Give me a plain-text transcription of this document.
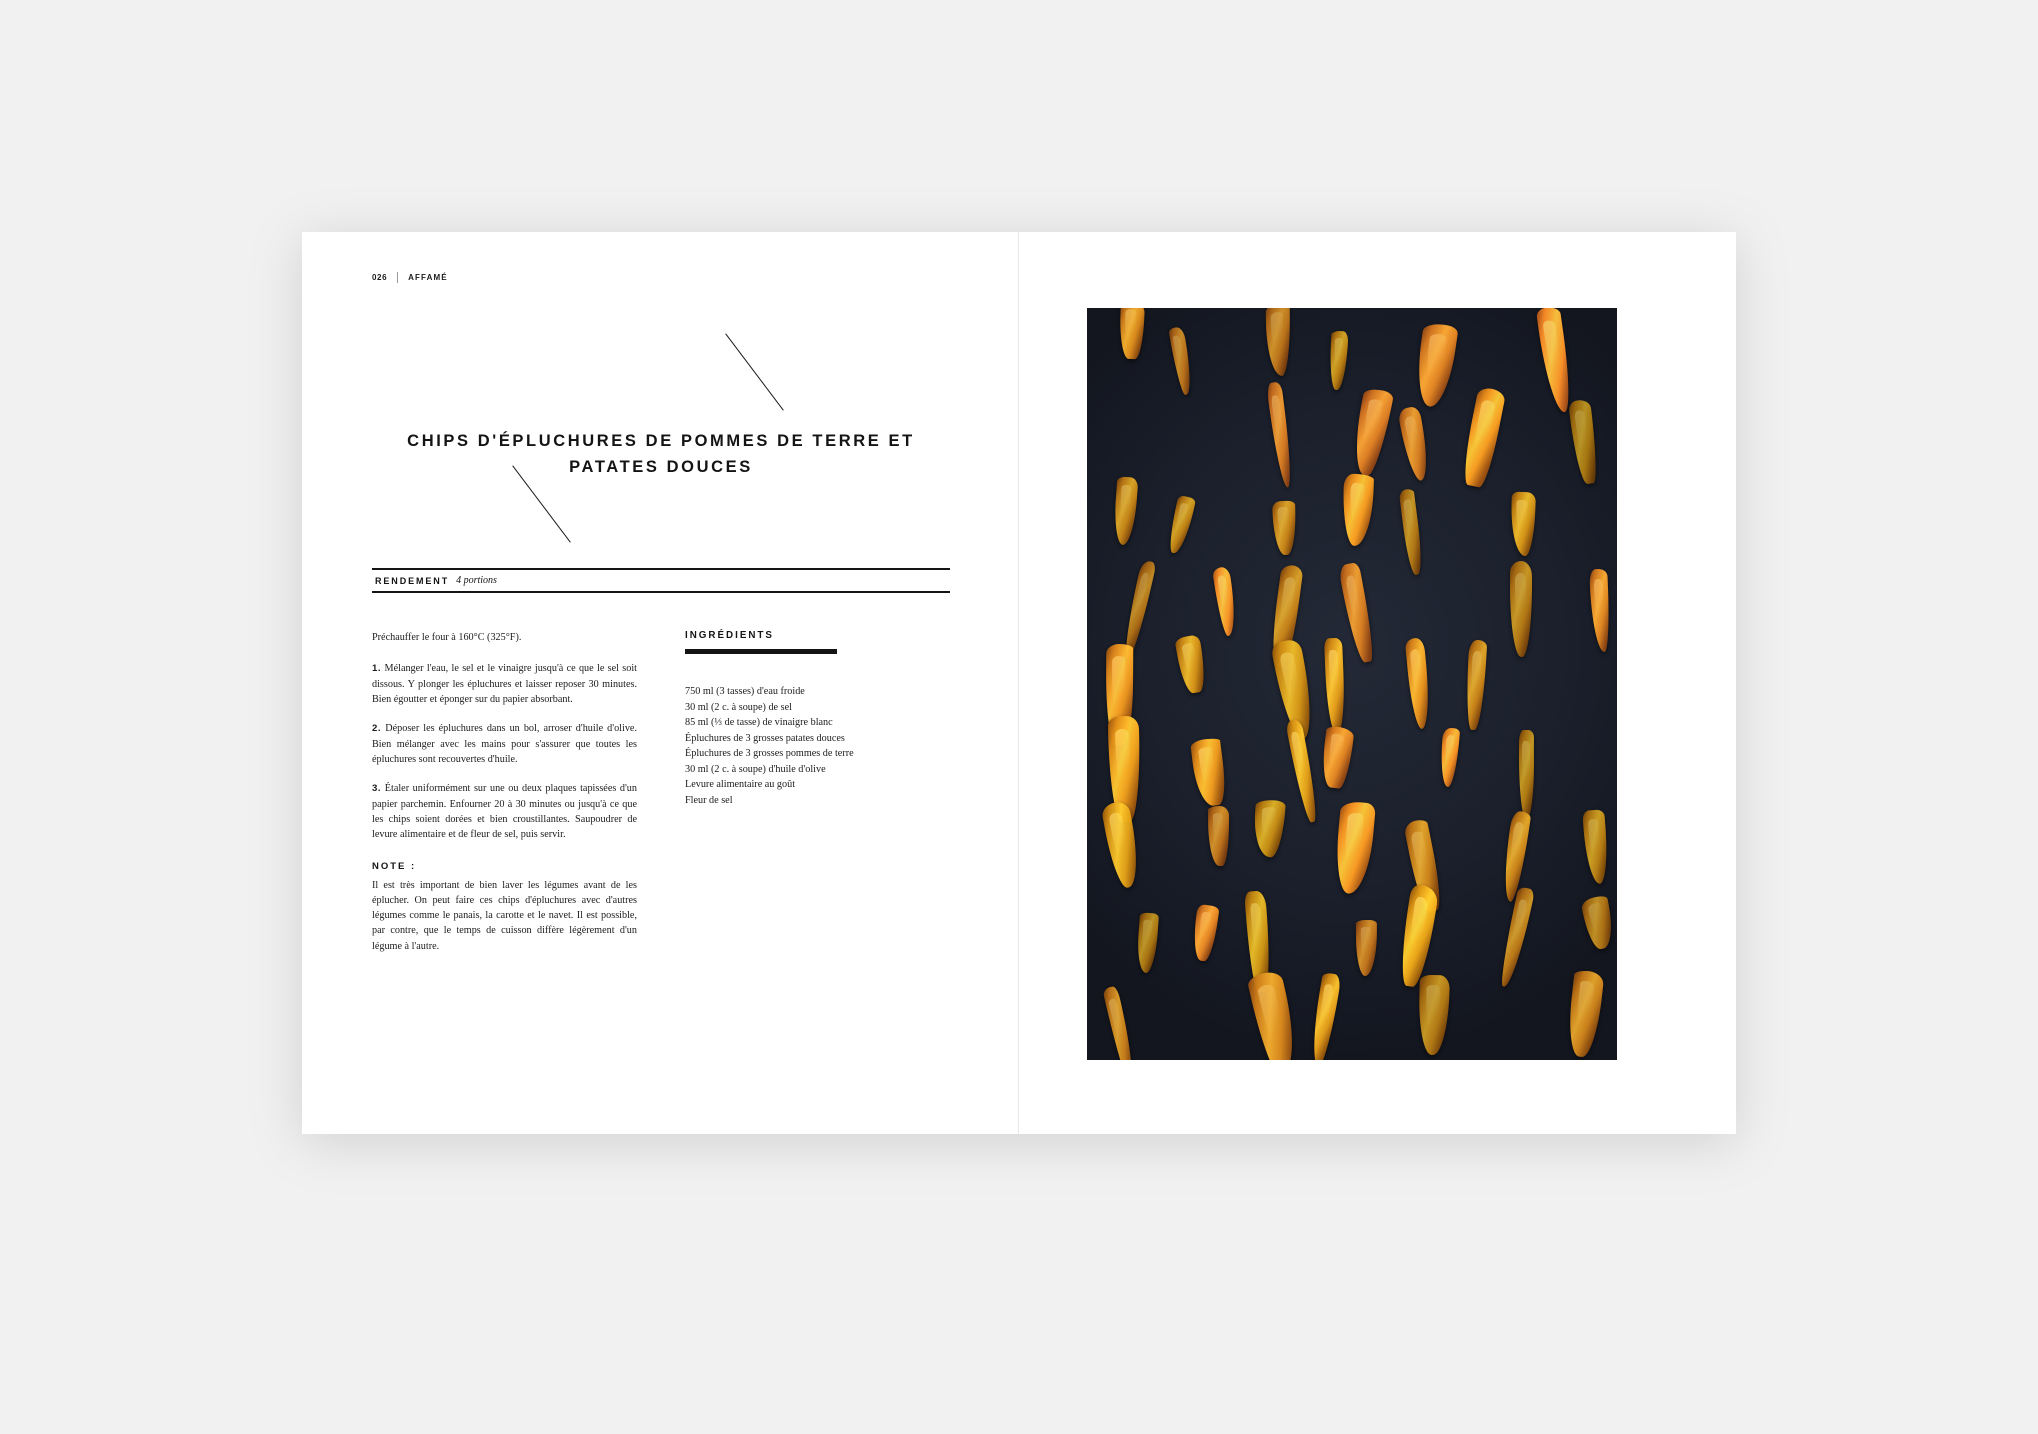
026	AFFAMÉ
CHIPS D'ÉPLUCHURES DE POMMES DE TERRE ET PATATES DOUCES
RENDEMENT 4 portions

Préchauffer le four à 160°C (325°F).

1. Mélanger l'eau, le sel et le vinaigre jusqu'à ce que le sel soit dissous. Y plonger les épluchures et laisser reposer 30 minutes. Bien égoutter et éponger sur du papier absorbant.

2. Déposer les épluchures dans un bol, arroser d'huile d'olive. Bien mélanger avec les mains pour s'assurer que toutes les épluchures sont recouvertes d'huile.

3. Étaler uniformément sur une ou deux plaques tapissées d'un papier parchemin. Enfourner 20 à 30 minutes ou jusqu'à ce que les chips soient dorées et bien croustillantes. Saupoudrer de levure alimentaire et de fleur de sel, puis servir.

NOTE :

Il est très important de bien laver les légumes avant de les éplucher. On peut faire ces chips d'épluchures avec d'autres légumes comme le panais, la carotte et le navet. Il est possible, par contre, que le temps de cuisson diffère légèrement d'un légume à l'autre.

INGRÉDIENTS
750 ml (3 tasses) d'eau froide
30 ml (2 c. à soupe) de sel
85 ml (⅓ de tasse) de vinaigre blanc
Épluchures de 3 grosses patates douces
Épluchures de 3 grosses pommes de terre
30 ml (2 c. à soupe) d'huile d'olive
Levure alimentaire au goût
Fleur de sel
